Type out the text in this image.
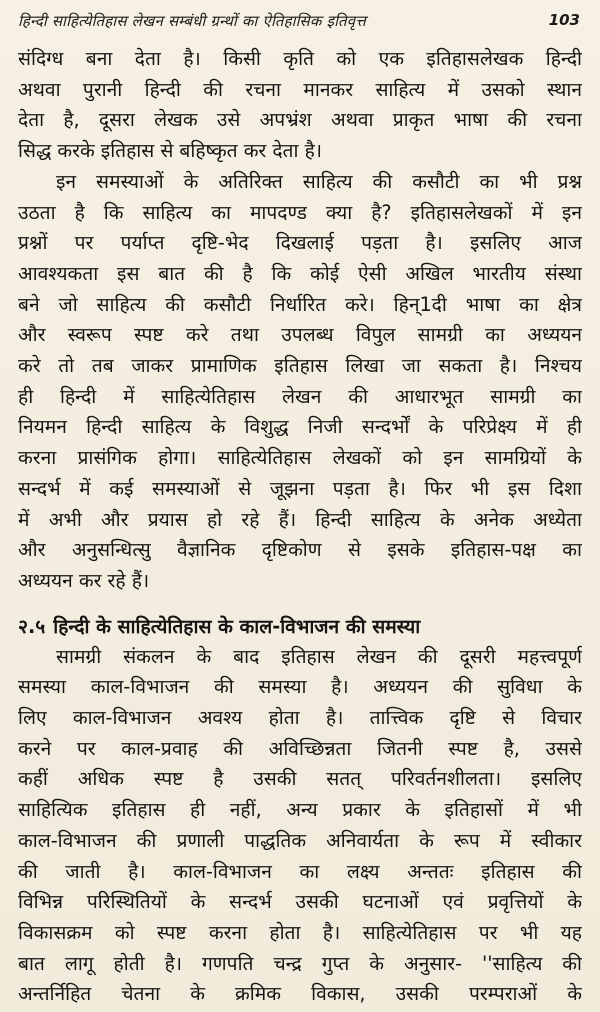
हिन्दी साहित्येतिहास लेखन सम्बंधी ग्रन्थों का ऐतिहासिक इतिवृत्त	103

संदिग्ध बना देता है। किसी कृति को एक इतिहासलेखक हिन्दी
अथवा पुरानी हिन्दी की रचना मानकर साहित्य में उसको स्थान
देता है, दूसरा लेखक उसे अपभ्रंश अथवा प्राकृत भाषा की रचना
सिद्ध करके इतिहास से बहिष्कृत कर देता है।

इन समस्याओं के अतिरिक्त साहित्य की कसौटी का भी प्रश्न
उठता है कि साहित्य का मापदण्ड क्या है? इतिहासलेखकों में इन
प्रश्नों पर पर्याप्त दृष्टि-भेद दिखलाई पड़ता है। इसलिए आज
आवश्यकता इस बात की है कि कोई ऐसी अखिल भारतीय संस्था
बने जो साहित्य की कसौटी निर्धारित करे। हिन्1दी भाषा का क्षेत्र
और स्वरूप स्पष्ट करे तथा उपलब्ध विपुल सामग्री का अध्ययन
करे तो तब जाकर प्रामाणिक इतिहास लिखा जा सकता है। निश्चय
ही हिन्दी में साहित्येतिहास लेखन की आधारभूत सामग्री का
नियमन हिन्दी साहित्य के विशुद्ध निजी सन्दर्भों के परिप्रेक्ष्य में ही
करना प्रासंगिक होगा। साहित्येतिहास लेखकों को इन सामग्रियों के
सन्दर्भ में कई समस्याओं से जूझना पड़ता है। फिर भी इस दिशा
में अभी और प्रयास हो रहे हैं। हिन्दी साहित्य के अनेक अध्येता
और अनुसन्धित्सु वैज्ञानिक दृष्टिकोण से इसके इतिहास-पक्ष का
अध्ययन कर रहे हैं।

२.५ हिन्दी के साहित्येतिहास के काल-विभाजन की समस्या

सामग्री संकलन के बाद इतिहास लेखन की दूसरी महत्त्वपूर्ण
समस्या काल-विभाजन की समस्या है। अध्ययन की सुविधा के
लिए काल-विभाजन अवश्य होता है। तात्त्विक दृष्टि से विचार
करने पर काल-प्रवाह की अविच्छिन्नता जितनी स्पष्ट है, उससे
कहीं अधिक स्पष्ट है उसकी सतत् परिवर्तनशीलता। इसलिए
साहित्यिक इतिहास ही नहीं, अन्य प्रकार के इतिहासों में भी
काल-विभाजन की प्रणाली पाद्धतिक अनिवार्यता के रूप में स्वीकार
की जाती है। काल-विभाजन का लक्ष्य अन्ततः इतिहास की
विभिन्न परिस्थितियों के सन्दर्भ उसकी घटनाओं एवं प्रवृत्तियों के
विकासक्रम को स्पष्ट करना होता है। साहित्येतिहास पर भी यह
बात लागू होती है। गणपति चन्द्र गुप्त के अनुसार- ''साहित्य की
अन्तर्निहित चेतना के क्रमिक विकास, उसकी परम्पराओं के
